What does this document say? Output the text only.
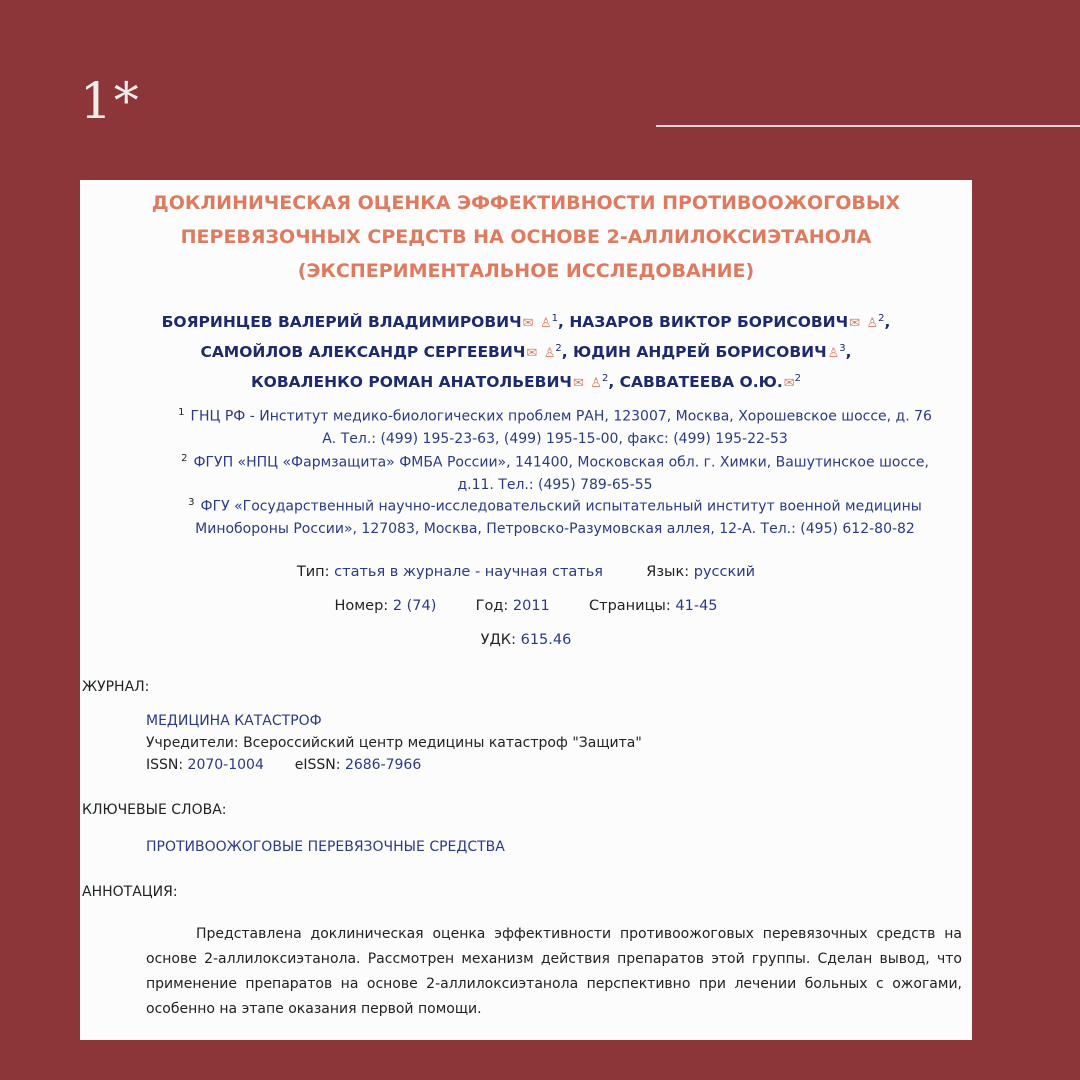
1*
ДОКЛИНИЧЕСКАЯ ОЦЕНКА ЭФФЕКТИВНОСТИ ПРОТИВООЖОГОВЫХ
ПЕРЕВЯЗОЧНЫХ СРЕДСТВ НА ОСНОВЕ 2-АЛЛИЛОКСИЭТАНОЛА
(ЭКСПЕРИМЕНТАЛЬНОЕ ИССЛЕДОВАНИЕ)
БОЯРИНЦЕВ ВАЛЕРИЙ ВЛАДИМИРОВИЧ✉ ♙$^1$, НАЗАРОВ ВИКТОР БОРИСОВИЧ✉ ♙$^2$,
САМОЙЛОВ АЛЕКСАНДР СЕРГЕЕВИЧ✉ ♙$^2$, ЮДИН АНДРЕЙ БОРИСОВИЧ♙$^3$,
КОВАЛЕНКО РОМАН АНАТОЛЬЕВИЧ✉ ♙$^2$, САВВАТЕЕВА О.Ю.✉$^2$
$^1$ ГНЦ РФ - Институт медико-биологических проблем РАН, 123007, Москва, Хорошевское шоссе, д. 76
А. Тел.: (499) 195-23-63, (499) 195-15-00, факс: (499) 195-22-53
$^2$ ФГУП «НПЦ «Фармзащита» ФМБА России», 141400, Московская обл. г. Химки, Вашутинское шоссе,
д.11. Тел.: (495) 789-65-55
$^3$ ФГУ «Государственный научно-исследовательский испытательный институт военной медицины
Минобороны России», 127083, Москва, Петровско-Разумовская аллея, 12-А. Тел.: (495) 612-80-82
Тип: статья в журнале - научная статья	Язык: русский
Номер: 2 (74)	Год: 2011	Страницы: 41-45
УДК: 615.46
ЖУРНАЛ:
МЕДИЦИНА КАТАСТРОФ
Учредители: Всероссийский центр медицины катастроф "Защита"
ISSN: 2070-1004 eISSN: 2686-7966
КЛЮЧЕВЫЕ СЛОВА:
ПРОТИВООЖОГОВЫЕ ПЕРЕВЯЗОЧНЫЕ СРЕДСТВА
АННОТАЦИЯ:
Представлена доклиническая оценка эффективности противоожоговых перевязочных средств на основе 2-аллилоксиэтанола. Рассмотрен механизм действия препаратов этой группы. Сделан вывод, что применение препаратов на основе 2-аллилоксиэтанола перспективно при лечении больных с ожогами, особенно на этапе оказания первой помощи.
